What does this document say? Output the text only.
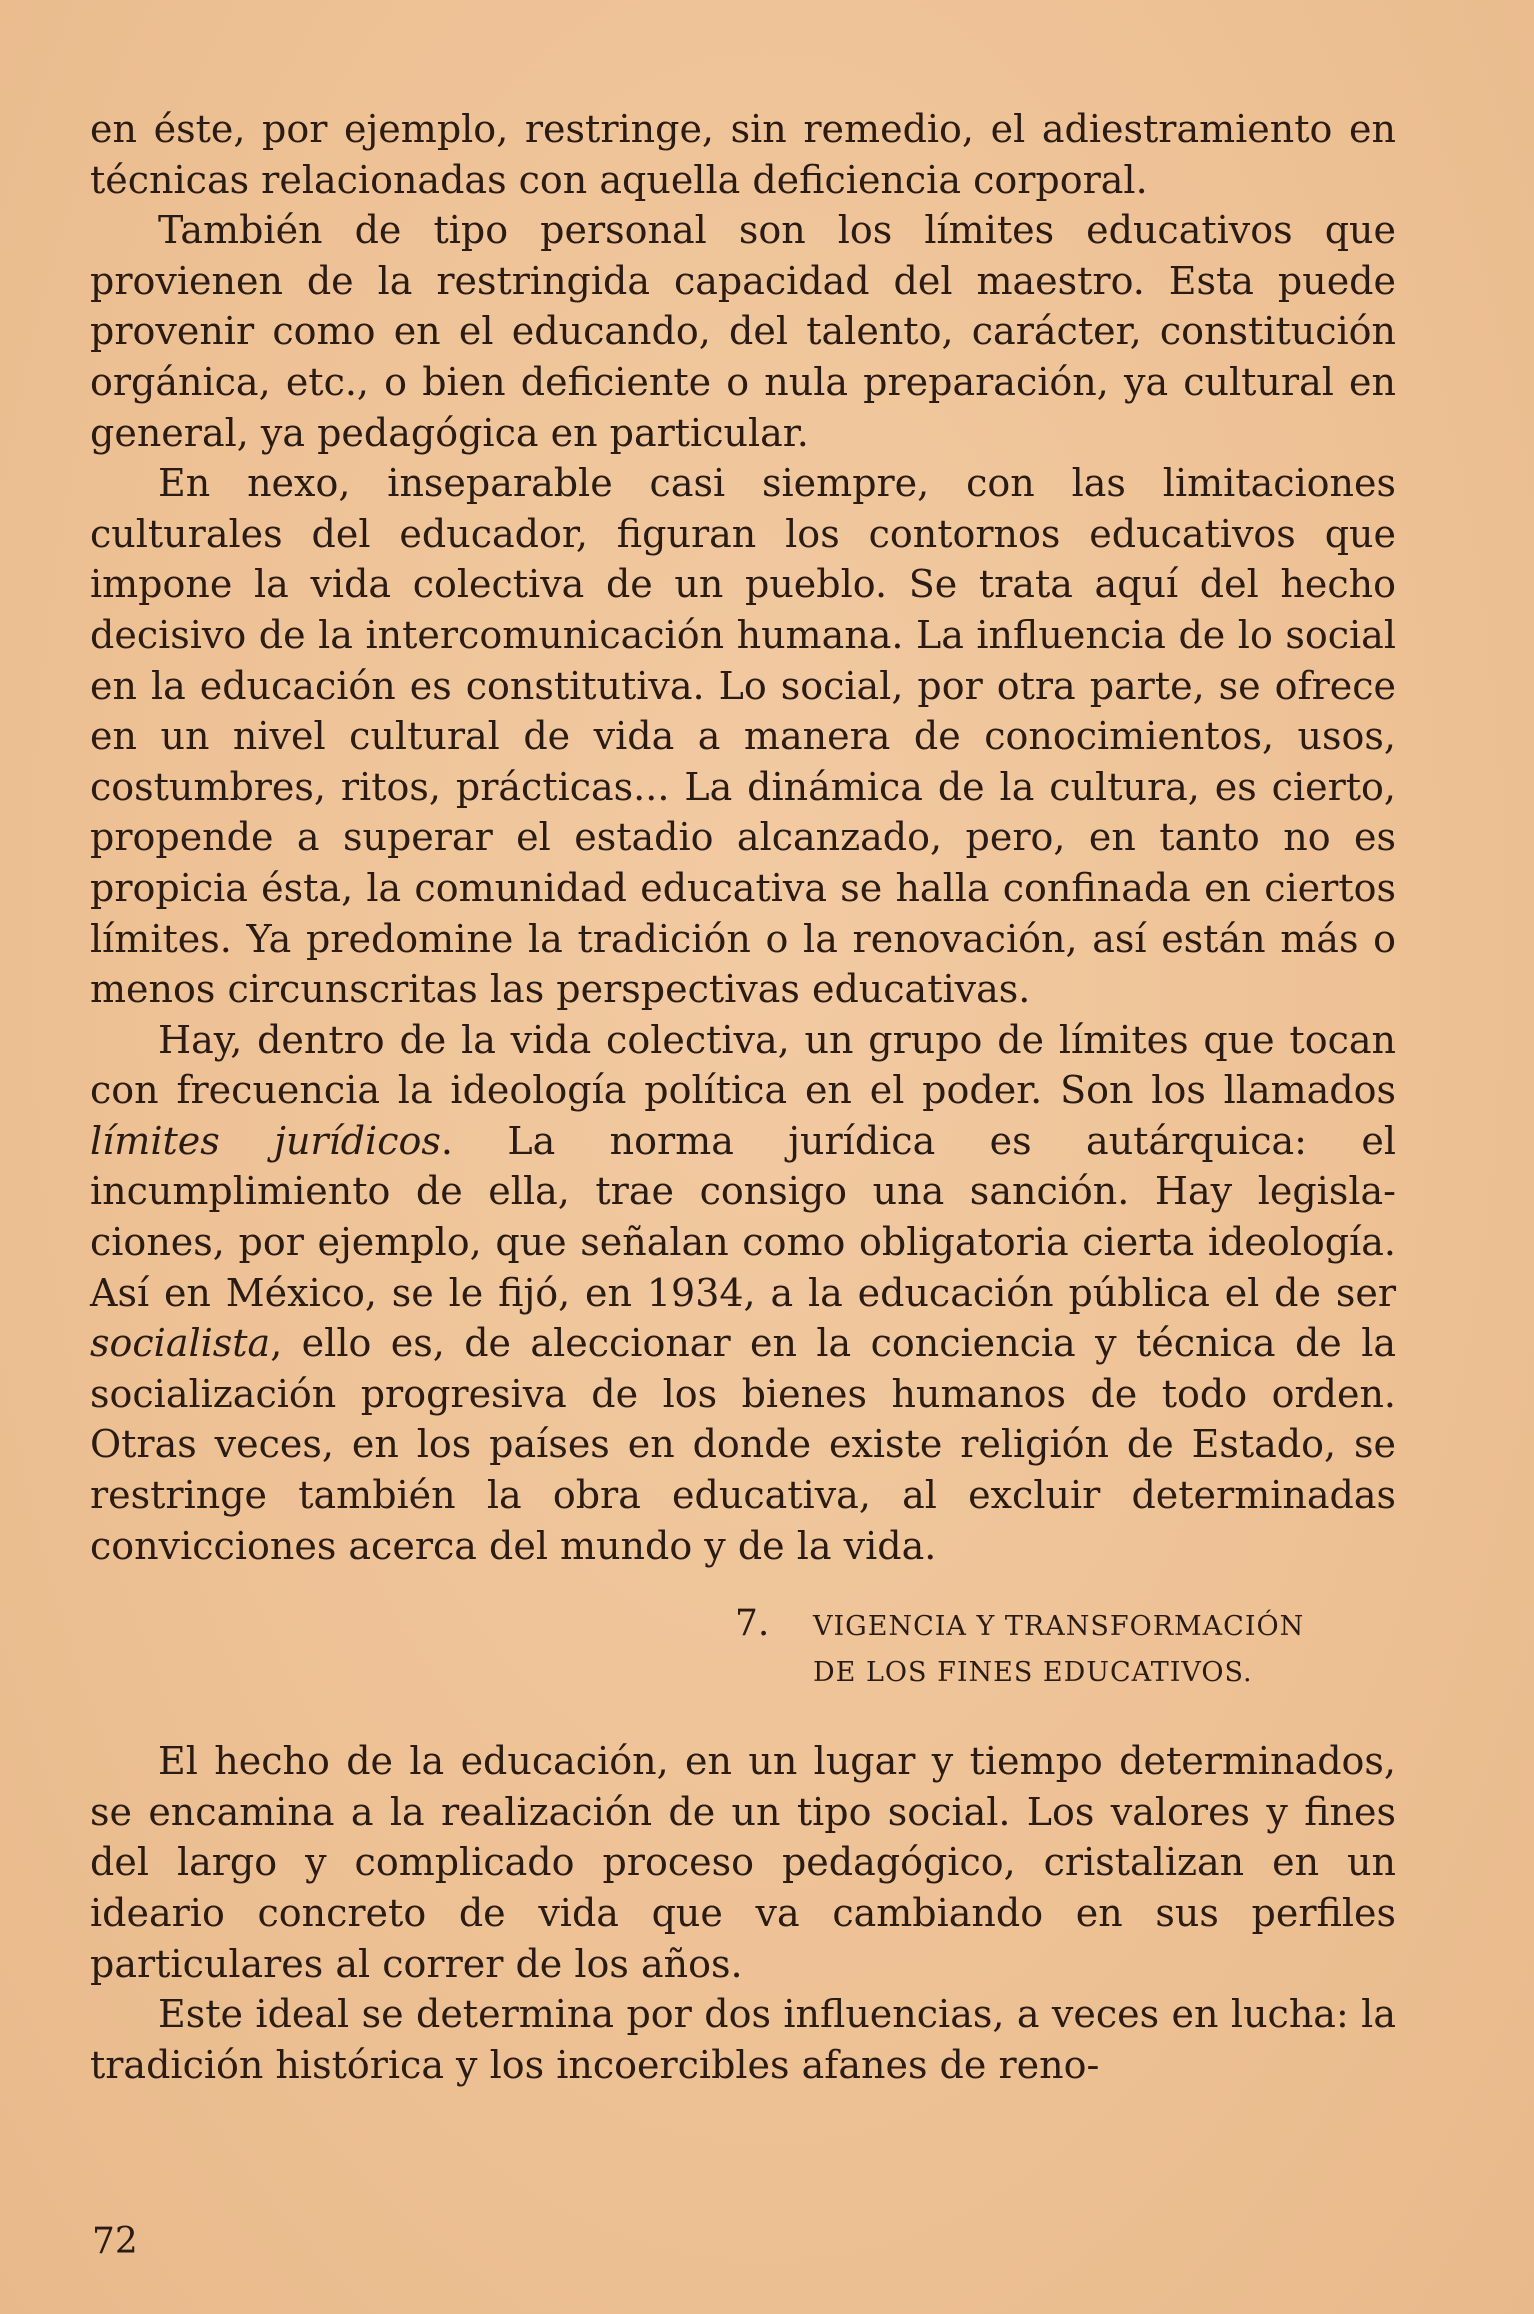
en éste, por ejemplo, restringe, sin remedio, el adiestramiento en técnicas relacionadas con aquella deficiencia corporal.

También de tipo personal son los límites educativos que provienen de la restringida capacidad del maestro. Esta puede provenir como en el educando, del talento, carácter, constitución orgánica, etc., o bien deficiente o nula preparación, ya cultural en general, ya pedagógica en particular.

En nexo, inseparable casi siempre, con las limitaciones culturales del educador, figuran los contornos educativos que impone la vida colectiva de un pueblo. Se trata aquí del hecho decisivo de la intercomunicación humana. La influencia de lo social en la educación es constitutiva. Lo social, por otra parte, se ofrece en un nivel cultural de vida a manera de conocimientos, usos, costumbres, ritos, prácticas... La dinámica de la cultura, es cierto, propende a superar el estadio alcanzado, pero, en tanto no es propicia ésta, la comunidad educativa se halla confinada en ciertos límites. Ya predomine la tradición o la renovación, así están más o menos circunscritas las perspectivas educativas.

Hay, dentro de la vida colectiva, un grupo de límites que tocan con frecuencia la ideología política en el poder. Son los llamados límites jurídicos. La norma jurídica es autárquica: el incumplimiento de ella, trae consigo una sanción. Hay legislaciones, por ejemplo, que señalan como obligatoria cierta ideología. Así en México, se le fijó, en 1934, a la educación pública el de ser socialista, ello es, de aleccionar en la conciencia y técnica de la socialización progresiva de los bienes humanos de todo orden. Otras veces, en los países en donde existe religión de Estado, se restringe también la obra educativa, al excluir determinadas convicciones acerca del mundo y de la vida.

7. VIGENCIA Y TRANSFORMACIÓN
DE LOS FINES EDUCATIVOS.

El hecho de la educación, en un lugar y tiempo determinados, se encamina a la realización de un tipo social. Los valores y fines del largo y complicado proceso pedagógico, cristalizan en un ideario concreto de vida que va cambiando en sus perfiles particulares al correr de los años.

Este ideal se determina por dos influencias, a veces en lucha: la tradición histórica y los incoercibles afanes de reno-

72
